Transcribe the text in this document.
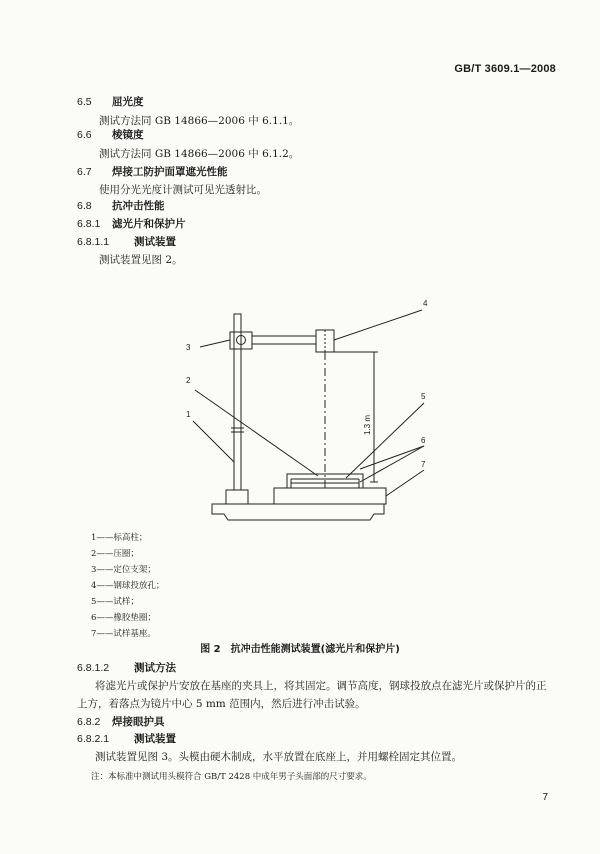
GB/T 3609.1—2008
6.5 屈光度
测试方法同 GB 14866—2006 中 6.1.1。
6.6 棱镜度
测试方法同 GB 14866—2006 中 6.1.2。
6.7 焊接工防护面罩遮光性能
使用分光光度计测试可见光透射比。
6.8 抗冲击性能
6.8.1 滤光片和保护片
6.8.1.1 测试装置
测试装置见图 2。
3
4
2
1
5
6
7
1.3 m
1——标高柱；
2——压圈；
3——定位支架；
4——钢球投放孔；
5——试样；
6——橡胶垫圈；
7——试样基座。
图 2　抗冲击性能测试装置(滤光片和保护片)
6.8.1.2 测试方法
将滤光片或保护片安放在基座的夹具上，将其固定。调节高度，钢球投放点在滤光片或保护片的正
上方，着落点为镜片中心 5 mm 范围内，然后进行冲击试验。
6.8.2 焊接眼护具
6.8.2.1 测试装置
测试装置见图 3。头模由硬木制成，水平放置在底座上，并用螺栓固定其位置。
注：本标准中测试用头模符合 GB/T 2428 中成年男子头面部的尺寸要求。
7
